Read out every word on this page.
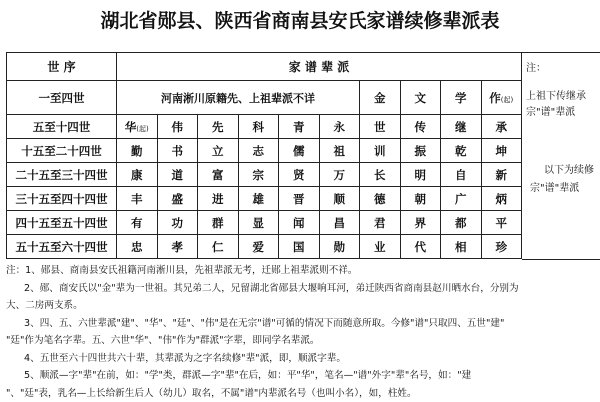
湖北省郧县、陕西省商南县安氏家谱续修辈派表
世 序	家 谱 辈 派									
一至四世	河南淅川原籍先、上祖辈派不详						金	文	学	作(起)
五至十四世	华(起)	伟	先	科	青	永	世	传	继	承
十五至二十四世	勤	书	立	志	儒	祖	训	振	乾	坤
二十五至三十四世	康	道	富	宗	贤	万	长	明	自	新
三十五至四十四世	丰	盛	进	雄	晋	顺	德	朝	广	炳
四十五至五十四世	有	功	群	显	闻	昌	君	界	都	平
五十五至六十四世	忠	孝	仁	爱	国	勋	业	代	相	珍
注：
上祖下传继承
宗"谱"辈派
以下为续修
宗"谱"辈派
注：1、郧县、商南县安氏祖籍河南淅川县，先祖辈派无考，迁郧上祖辈派则不祥。
2、郧、商安氏以"金"辈为一世祖。其兄弟二人，兄留湖北省郧县大堰响耳河，弟迁陕西省商南县赵川晒水台，分别为
大、二房两支系。
3、四、五、六世辈派"建"、"华"、"廷"、"伟"是在无宗"谱"可循的情况下而随意所取。今修"谱"只取四、五世"建"
"廷"作为笔名字辈。五、六世"华"、"伟"作为"群派"字辈，即同学名辈派。
4、五世至六十四世共六十辈，其辈派为之字名续修"辈"派，即，顺派字辈。
5、顺派—字"辈"在前，如："学"类，群派—字"辈"在后，如：平"华"，笔名—"谱"外字"辈"名号，如："建
"、"廷"表，乳名—上长给新生后人（幼儿）取名，不属"谱"内辈派名号（也叫小名），如，柱姓。
